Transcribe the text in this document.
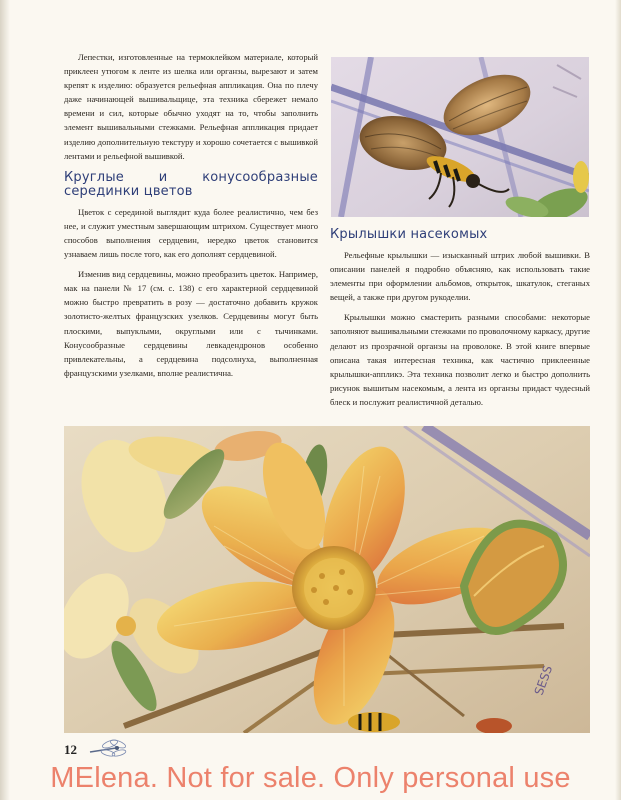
Лепестки, изготовленные на термоклейком материале, который приклеен утюгом к ленте из шелка или органзы, вырезают и затем крепят к изделию: образуется рельефная аппликация. Она по плечу даже начинающей вышивальщице, эта техника сбережет немало времени и сил, которые обычно уходят на то, чтобы заполнить элемент вышивальными стежками. Рельефная аппликация придает изделию дополнительную текстуру и хорошо сочетается с вышивкой лентами и рельефной вышивкой.

Круглые и конусообразные серединки цветов

Цветок с серединой выглядит куда более реалистично, чем без нее, и служит уместным завершающим штрихом. Существует много способов выполнения сердцевин, нередко цветок становится узнаваем лишь после того, как его дополнят сердцевиной.

Изменив вид сердцевины, можно преобразить цветок. Например, мак на панели № 17 (см. с. 138) с его характерной сердцевиной можно быстро превратить в розу — достаточно добавить кружок золотисто-желтых французских узелков. Сердцевины могут быть плоскими, выпуклыми, округлыми или с тычинками. Конусообразные сердцевины левкадендронов особенно привлекательны, а сердцевина подсолнуха, выполненная французскими узелками, вполне реалистична.

Крылышки насекомых

Рельефные крылышки — изысканный штрих любой вышивки. В описании панелей я подробно объясняю, как использовать такие элементы при оформлении альбомов, открыток, шкатулок, стеганых вещей, а также при другом рукоделии.

Крылышки можно смастерить разными способами: некоторые заполняют вышивальными стежками по проволочному каркасу, другие делают из прозрачной органзы на проволоке. В этой книге впервые описана такая интересная техника, как частично приклеенные крылышки-аппликэ. Эта техника позволит легко и быстро дополнить рисунок вышитым насекомым, а лента из органзы придаст чудесный блеск и послужит реалистичной деталью.

SESS
12
MElena. Not for sale. Only personal use
